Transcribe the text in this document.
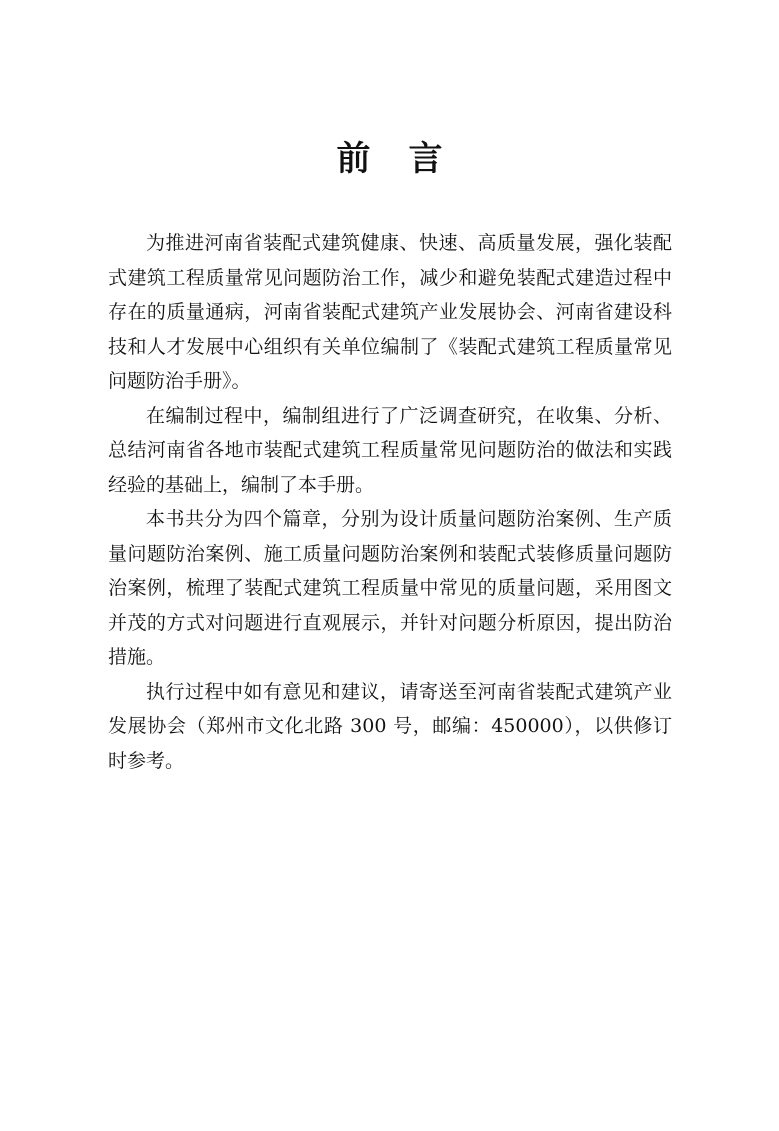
前言

为推进河南省装配式建筑健康、快速、高质量发展，强化装配式建筑工程质量常见问题防治工作，减少和避免装配式建造过程中存在的质量通病，河南省装配式建筑产业发展协会、河南省建设科技和人才发展中心组织有关单位编制了《装配式建筑工程质量常见问题防治手册》。

在编制过程中，编制组进行了广泛调查研究，在收集、分析、总结河南省各地市装配式建筑工程质量常见问题防治的做法和实践经验的基础上，编制了本手册。

本书共分为四个篇章，分别为设计质量问题防治案例、生产质量问题防治案例、施工质量问题防治案例和装配式装修质量问题防治案例，梳理了装配式建筑工程质量中常见的质量问题，采用图文并茂的方式对问题进行直观展示，并针对问题分析原因，提出防治措施。

执行过程中如有意见和建议，请寄送至河南省装配式建筑产业发展协会（郑州市文化北路 300 号，邮编：450000），以供修订时参考。
